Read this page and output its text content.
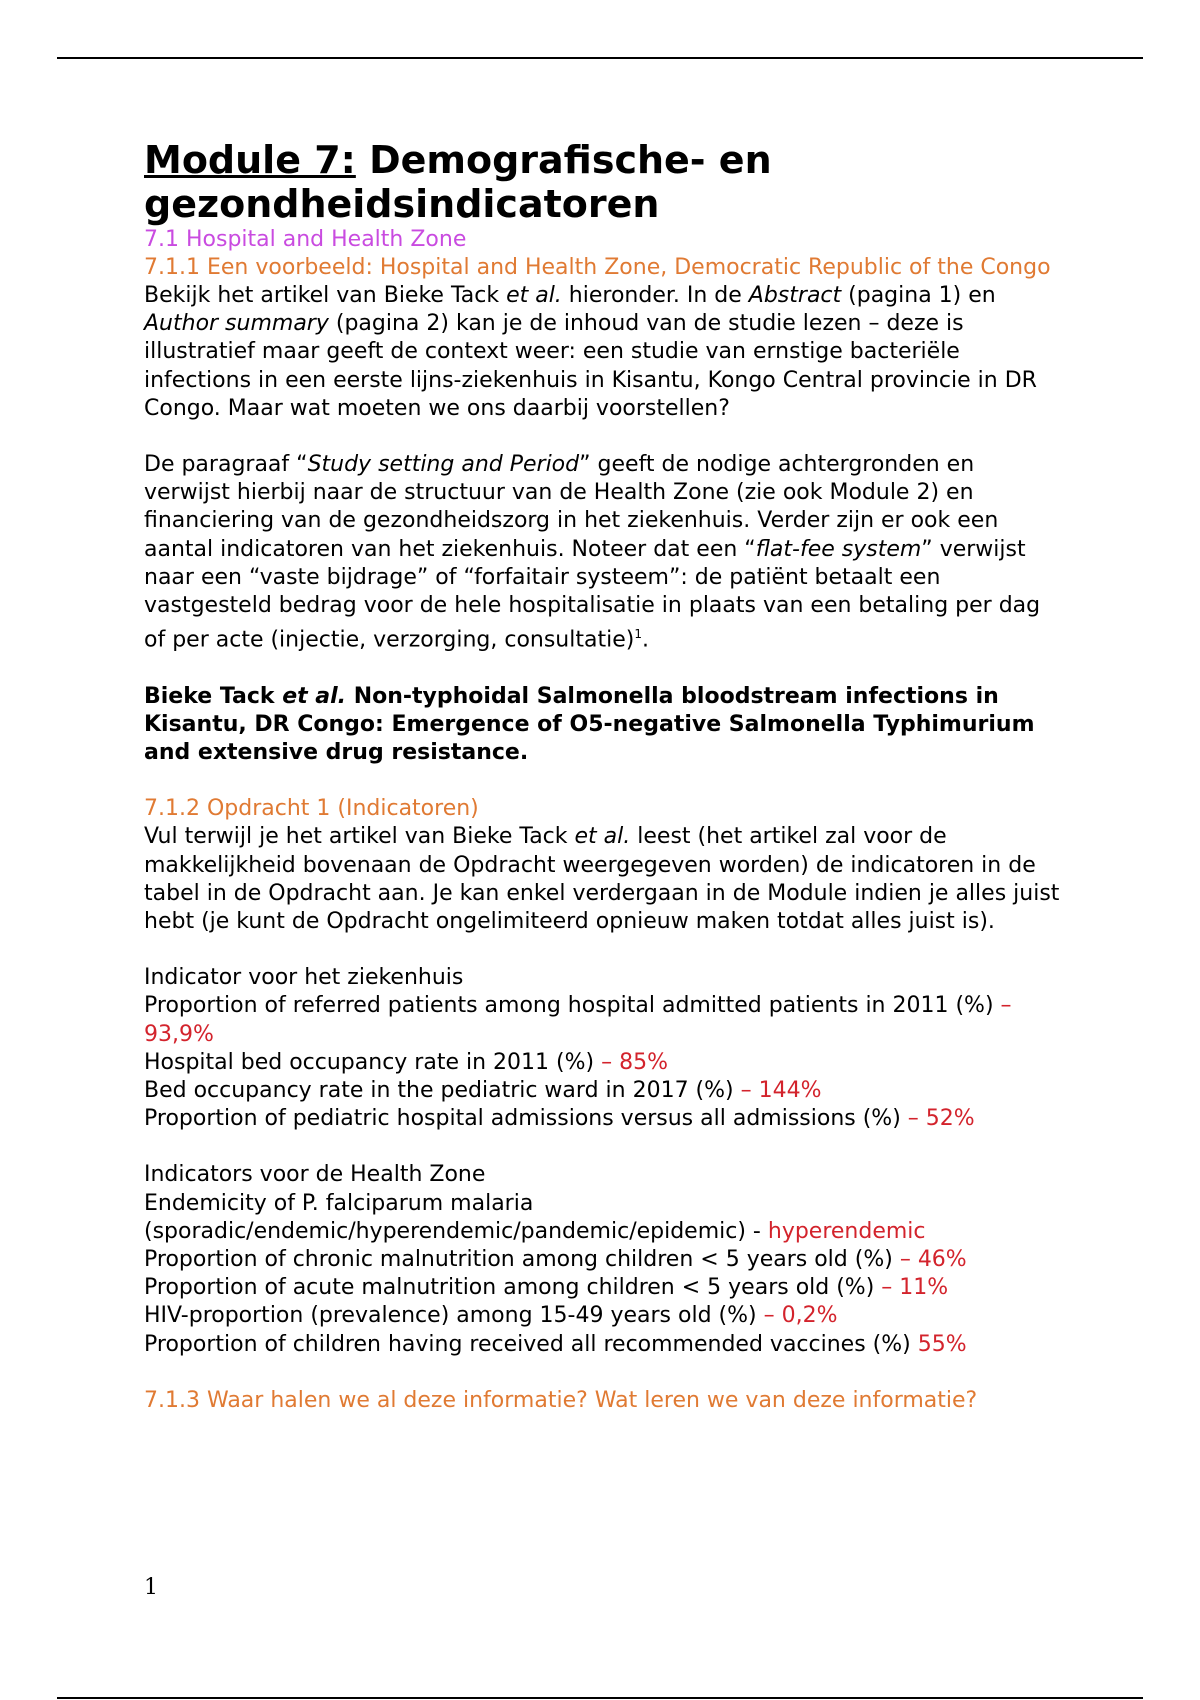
Module 7: Demografische- en gezondheidsindicatoren
7.1 Hospital and Health Zone
7.1.1 Een voorbeeld: Hospital and Health Zone, Democratic Republic of the Congo

Bekijk het artikel van Bieke Tack et al. hieronder. In de Abstract (pagina 1) en Author summary (pagina 2) kan je de inhoud van de studie lezen – deze is illustratief maar geeft de context weer: een studie van ernstige bacteriële infections in een eerste lijns-ziekenhuis in Kisantu, Kongo Central provincie in DR Congo. Maar wat moeten we ons daarbij voorstellen?

De paragraaf “Study setting and Period” geeft de nodige achtergronden en verwijst hierbij naar de structuur van de Health Zone (zie ook Module 2) en financiering van de gezondheidszorg in het ziekenhuis. Verder zijn er ook een aantal indicatoren van het ziekenhuis. Noteer dat een “flat-fee system” verwijst naar een “vaste bijdrage” of “forfaitair systeem”: de patiënt betaalt een vastgesteld bedrag voor de hele hospitalisatie in plaats van een betaling per dag of per acte (injectie, verzorging, consultatie)$^1$.

Bieke Tack et al. Non-typhoidal Salmonella bloodstream infections in Kisantu, DR Congo: Emergence of O5-negative Salmonella Typhimurium and extensive drug resistance.

7.1.2 Opdracht 1 (Indicatoren)

Vul terwijl je het artikel van Bieke Tack et al. leest (het artikel zal voor de makkelijkheid bovenaan de Opdracht weergegeven worden) de indicatoren in de tabel in de Opdracht aan. Je kan enkel verdergaan in de Module indien je alles juist hebt (je kunt de Opdracht ongelimiteerd opnieuw maken totdat alles juist is).

Indicator voor het ziekenhuis

Proportion of referred patients among hospital admitted patients in 2011 (%) – 93,9%

Hospital bed occupancy rate in 2011 (%) – 85%

Bed occupancy rate in the pediatric ward in 2017 (%) – 144%

Proportion of pediatric hospital admissions versus all admissions (%) – 52%

Indicators voor de Health Zone

Endemicity of P. falciparum malaria (sporadic/endemic/hyperendemic/pandemic/epidemic) - hyperendemic

Proportion of chronic malnutrition among children < 5 years old (%) – 46%

Proportion of acute malnutrition among children < 5 years old (%) – 11%

HIV-proportion (prevalence) among 15-49 years old (%) – 0,2%

Proportion of children having received all recommended vaccines (%) 55%

7.1.3 Waar halen we al deze informatie? Wat leren we van deze informatie?
1
